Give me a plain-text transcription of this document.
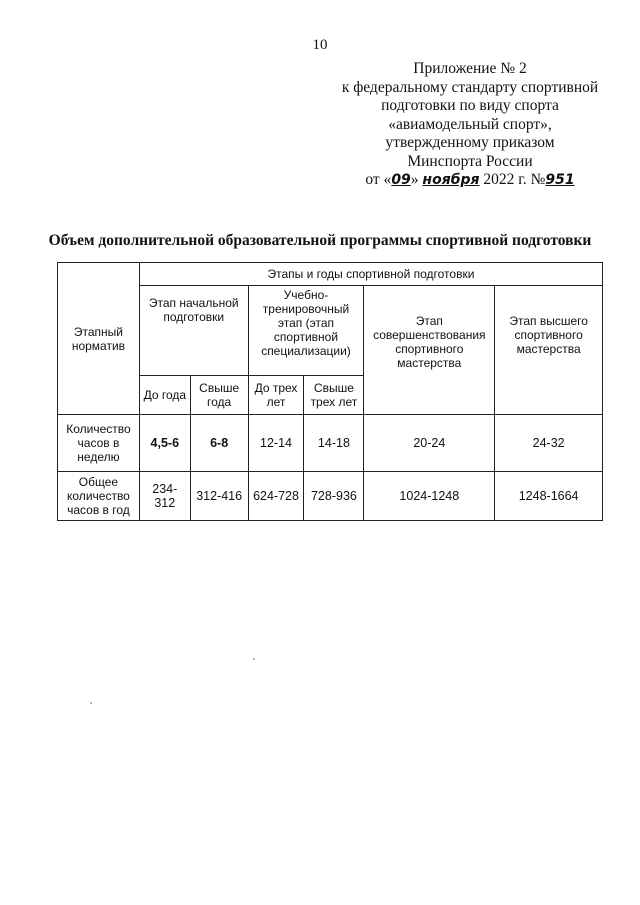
10
Приложение № 2
к федеральному стандарту спортивной
подготовки по виду спорта
«авиамодельный спорт»,
утвержденному приказом
Минспорта России
от «09» ноября 2022 г. №951
Объем дополнительной образовательной программы спортивной подготовки
Этапный норматив	Этапы и годы спортивной подготовки					
	Этап начальной подготовки		Учебно-тренировочный этап (этап спортивной специализации)		Этап совершенствования спортивного мастерства	Этап высшего спортивного мастерства
	До года	Свыше года	До трех лет	Свыше трех лет		
Количество часов в неделю	4,5-6	6-8	12-14	14-18	20-24	24-32
Общее количество часов в год	234-312	312-416	624-728	728-936	1024-1248	1248-1664
